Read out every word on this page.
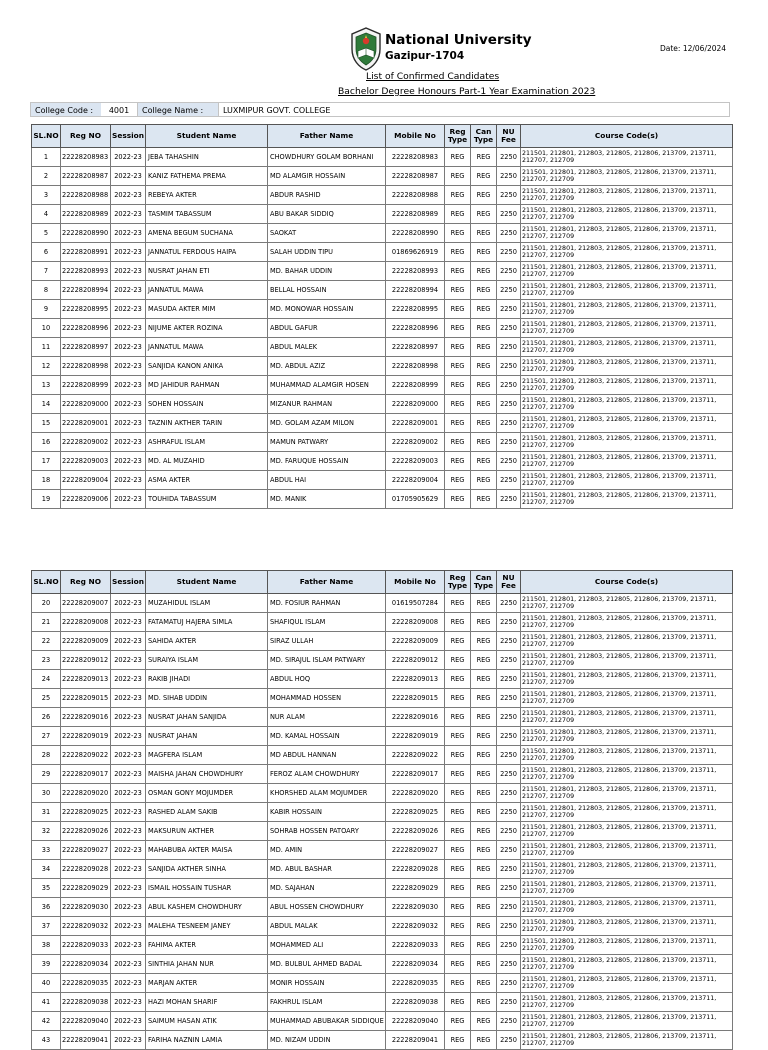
National University
Gazipur-1704
Date: 12/06/2024
List of Confirmed Candidates
Bachelor Degree Honours Part-1 Year Examination 2023
College Code :	4001	College Name :	LUXMIPUR GOVT. COLLEGE
SL.NO	Reg NO	Session	Student Name	Father Name	Mobile No	Reg Type	Can Type	NU Fee	Course Code(s)
1	22228208983	2022-23	JEBA TAHASHIN	CHOWDHURY GOLAM BORHANI	22228208983	REG	REG	2250	211501, 212801, 212803, 212805, 212806, 213709, 213711, 212707, 212709
2	22228208987	2022-23	KANIZ FATHEMA PREMA	MD ALAMGIR HOSSAIN	22228208987	REG	REG	2250	211501, 212801, 212803, 212805, 212806, 213709, 213711, 212707, 212709
3	22228208988	2022-23	REBEYA AKTER	ABDUR RASHID	22228208988	REG	REG	2250	211501, 212801, 212803, 212805, 212806, 213709, 213711, 212707, 212709
4	22228208989	2022-23	TASMIM TABASSUM	ABU BAKAR SIDDIQ	22228208989	REG	REG	2250	211501, 212801, 212803, 212805, 212806, 213709, 213711, 212707, 212709
5	22228208990	2022-23	AMENA BEGUM SUCHANA	SAOKAT	22228208990	REG	REG	2250	211501, 212801, 212803, 212805, 212806, 213709, 213711, 212707, 212709
6	22228208991	2022-23	JANNATUL FERDOUS HAIPA	SALAH UDDIN TIPU	01869626919	REG	REG	2250	211501, 212801, 212803, 212805, 212806, 213709, 213711, 212707, 212709
7	22228208993	2022-23	NUSRAT JAHAN ETI	MD. BAHAR UDDIN	22228208993	REG	REG	2250	211501, 212801, 212803, 212805, 212806, 213709, 213711, 212707, 212709
8	22228208994	2022-23	JANNATUL MAWA	BELLAL HOSSAIN	22228208994	REG	REG	2250	211501, 212801, 212803, 212805, 212806, 213709, 213711, 212707, 212709
9	22228208995	2022-23	MASUDA AKTER MIM	MD. MONOWAR HOSSAIN	22228208995	REG	REG	2250	211501, 212801, 212803, 212805, 212806, 213709, 213711, 212707, 212709
10	22228208996	2022-23	NIJUME AKTER ROZINA	ABDUL GAFUR	22228208996	REG	REG	2250	211501, 212801, 212803, 212805, 212806, 213709, 213711, 212707, 212709
11	22228208997	2022-23	JANNATUL MAWA	ABDUL MALEK	22228208997	REG	REG	2250	211501, 212801, 212803, 212805, 212806, 213709, 213711, 212707, 212709
12	22228208998	2022-23	SANJIDA KANON ANIKA	MD. ABDUL AZIZ	22228208998	REG	REG	2250	211501, 212801, 212803, 212805, 212806, 213709, 213711, 212707, 212709
13	22228208999	2022-23	MD JAHIDUR RAHMAN	MUHAMMAD ALAMGIR HOSEN	22228208999	REG	REG	2250	211501, 212801, 212803, 212805, 212806, 213709, 213711, 212707, 212709
14	22228209000	2022-23	SOHEN HOSSAIN	MIZANUR RAHMAN	22228209000	REG	REG	2250	211501, 212801, 212803, 212805, 212806, 213709, 213711, 212707, 212709
15	22228209001	2022-23	TAZNIN AKTHER TARIN	MD. GOLAM AZAM MILON	22228209001	REG	REG	2250	211501, 212801, 212803, 212805, 212806, 213709, 213711, 212707, 212709
16	22228209002	2022-23	ASHRAFUL ISLAM	MAMUN PATWARY	22228209002	REG	REG	2250	211501, 212801, 212803, 212805, 212806, 213709, 213711, 212707, 212709
17	22228209003	2022-23	MD. AL MUZAHID	MD. FARUQUE HOSSAIN	22228209003	REG	REG	2250	211501, 212801, 212803, 212805, 212806, 213709, 213711, 212707, 212709
18	22228209004	2022-23	ASMA AKTER	ABDUL HAI	22228209004	REG	REG	2250	211501, 212801, 212803, 212805, 212806, 213709, 213711, 212707, 212709
19	22228209006	2022-23	TOUHIDA TABASSUM	MD. MANIK	01705905629	REG	REG	2250	211501, 212801, 212803, 212805, 212806, 213709, 213711, 212707, 212709
SL.NO	Reg NO	Session	Student Name	Father Name	Mobile No	Reg Type	Can Type	NU Fee	Course Code(s)
20	22228209007	2022-23	MUZAHIDUL ISLAM	MD. FOSIUR RAHMAN	01619507284	REG	REG	2250	211501, 212801, 212803, 212805, 212806, 213709, 213711, 212707, 212709
21	22228209008	2022-23	FATAMATUJ HAJERA SIMLA	SHAFIQUL ISLAM	22228209008	REG	REG	2250	211501, 212801, 212803, 212805, 212806, 213709, 213711, 212707, 212709
22	22228209009	2022-23	SAHIDA AKTER	SIRAZ ULLAH	22228209009	REG	REG	2250	211501, 212801, 212803, 212805, 212806, 213709, 213711, 212707, 212709
23	22228209012	2022-23	SURAIYA ISLAM	MD. SIRAJUL ISLAM PATWARY	22228209012	REG	REG	2250	211501, 212801, 212803, 212805, 212806, 213709, 213711, 212707, 212709
24	22228209013	2022-23	RAKIB JIHADI	ABDUL HOQ	22228209013	REG	REG	2250	211501, 212801, 212803, 212805, 212806, 213709, 213711, 212707, 212709
25	22228209015	2022-23	MD. SIHAB UDDIN	MOHAMMAD HOSSEN	22228209015	REG	REG	2250	211501, 212801, 212803, 212805, 212806, 213709, 213711, 212707, 212709
26	22228209016	2022-23	NUSRAT JAHAN SANJIDA	NUR ALAM	22228209016	REG	REG	2250	211501, 212801, 212803, 212805, 212806, 213709, 213711, 212707, 212709
27	22228209019	2022-23	NUSRAT JAHAN	MD. KAMAL HOSSAIN	22228209019	REG	REG	2250	211501, 212801, 212803, 212805, 212806, 213709, 213711, 212707, 212709
28	22228209022	2022-23	MAGFERA ISLAM	MD ABDUL HANNAN	22228209022	REG	REG	2250	211501, 212801, 212803, 212805, 212806, 213709, 213711, 212707, 212709
29	22228209017	2022-23	MAISHA JAHAN CHOWDHURY	FEROZ ALAM CHOWDHURY	22228209017	REG	REG	2250	211501, 212801, 212803, 212805, 212806, 213709, 213711, 212707, 212709
30	22228209020	2022-23	OSMAN GONY MOJUMDER	KHORSHED ALAM MOJUMDER	22228209020	REG	REG	2250	211501, 212801, 212803, 212805, 212806, 213709, 213711, 212707, 212709
31	22228209025	2022-23	RASHED ALAM SAKIB	KABIR HOSSAIN	22228209025	REG	REG	2250	211501, 212801, 212803, 212805, 212806, 213709, 213711, 212707, 212709
32	22228209026	2022-23	MAKSURUN AKTHER	SOHRAB HOSSEN PATOARY	22228209026	REG	REG	2250	211501, 212801, 212803, 212805, 212806, 213709, 213711, 212707, 212709
33	22228209027	2022-23	MAHABUBA AKTER MAISA	MD. AMIN	22228209027	REG	REG	2250	211501, 212801, 212803, 212805, 212806, 213709, 213711, 212707, 212709
34	22228209028	2022-23	SANJIDA AKTHER SINHA	MD. ABUL BASHAR	22228209028	REG	REG	2250	211501, 212801, 212803, 212805, 212806, 213709, 213711, 212707, 212709
35	22228209029	2022-23	ISMAIL HOSSAIN TUSHAR	MD. SAJAHAN	22228209029	REG	REG	2250	211501, 212801, 212803, 212805, 212806, 213709, 213711, 212707, 212709
36	22228209030	2022-23	ABUL KASHEM CHOWDHURY	ABUL HOSSEN CHOWDHURY	22228209030	REG	REG	2250	211501, 212801, 212803, 212805, 212806, 213709, 213711, 212707, 212709
37	22228209032	2022-23	MALEHA TESNEEM JANEY	ABDUL MALAK	22228209032	REG	REG	2250	211501, 212801, 212803, 212805, 212806, 213709, 213711, 212707, 212709
38	22228209033	2022-23	FAHIMA AKTER	MOHAMMED ALI	22228209033	REG	REG	2250	211501, 212801, 212803, 212805, 212806, 213709, 213711, 212707, 212709
39	22228209034	2022-23	SINTHIA JAHAN NUR	MD. BULBUL AHMED BADAL	22228209034	REG	REG	2250	211501, 212801, 212803, 212805, 212806, 213709, 213711, 212707, 212709
40	22228209035	2022-23	MARJAN AKTER	MONIR HOSSAIN	22228209035	REG	REG	2250	211501, 212801, 212803, 212805, 212806, 213709, 213711, 212707, 212709
41	22228209038	2022-23	HAZI MOHAN SHARIF	FAKHRUL ISLAM	22228209038	REG	REG	2250	211501, 212801, 212803, 212805, 212806, 213709, 213711, 212707, 212709
42	22228209040	2022-23	SAIMUM HASAN ATIK	MUHAMMAD ABUBAKAR SIDDIQUE	22228209040	REG	REG	2250	211501, 212801, 212803, 212805, 212806, 213709, 213711, 212707, 212709
43	22228209041	2022-23	FARIHA NAZNIN LAMIA	MD. NIZAM UDDIN	22228209041	REG	REG	2250	211501, 212801, 212803, 212805, 212806, 213709, 213711, 212707, 212709
